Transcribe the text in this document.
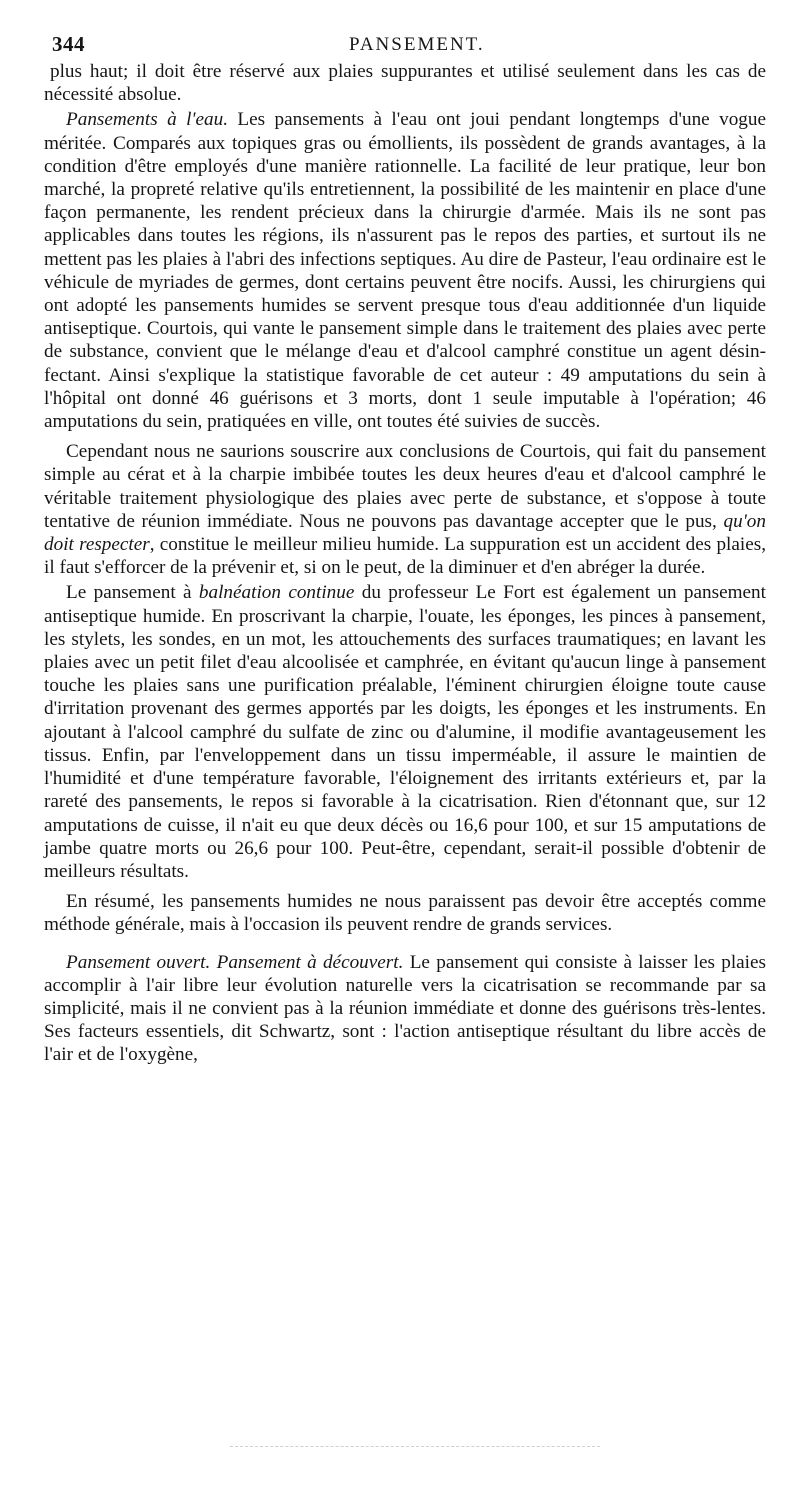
344	PANSEMENT.

plus haut; il doit être réservé aux plaies suppurantes et utilisé seulement dans les cas de nécessité absolue.

Pansements à l'eau. Les pansements à l'eau ont joui pendant longtemps d'une vogue méritée. Comparés aux topiques gras ou émollients, ils possèdent de grands avantages, à la condition d'être employés d'une manière rationnelle. La facilité de leur pratique, leur bon marché, la propreté relative qu'ils entretiennent, la possibilité de les maintenir en place d'une façon permanente, les rendent précieux dans la chirurgie d'armée. Mais ils ne sont pas applicables dans toutes les régions, ils n'assurent pas le repos des parties, et surtout ils ne mettent pas les plaies à l'abri des infections septiques. Au dire de Pasteur, l'eau ordinaire est le véhicule de myriades de germes, dont certains peuvent être nocifs. Aussi, les chirurgiens qui ont adopté les pansements humides se servent presque tous d'eau additionnée d'un liquide antiseptique. Courtois, qui vante le pansement simple dans le traitement des plaies avec perte de substance, convient que le mélange d'eau et d'alcool camphré constitue un agent désinfectant. Ainsi s'explique la statistique favorable de cet auteur : 49 amputations du sein à l'hôpital ont donné 46 guérisons et 3 morts, dont 1 seule imputable à l'opération; 46 amputations du sein, pratiquées en ville, ont toutes été suivies de succès.

Cependant nous ne saurions souscrire aux conclusions de Courtois, qui fait du pansement simple au cérat et à la charpie imbibée toutes les deux heures d'eau et d'alcool camphré le véritable traitement physiologique des plaies avec perte de substance, et s'oppose à toute tentative de réunion immédiate. Nous ne pouvons pas davantage accepter que le pus, qu'on doit respecter, constitue le meilleur milieu humide. La suppuration est un accident des plaies, il faut s'efforcer de la prévenir et, si on le peut, de la diminuer et d'en abréger la durée.

Le pansement à balnéation continue du professeur Le Fort est également un pansement antiseptique humide. En proscrivant la charpie, l'ouate, les éponges, les pinces à pansement, les stylets, les sondes, en un mot, les attouchements des surfaces traumatiques; en lavant les plaies avec un petit filet d'eau alcoolisée et camphrée, en évitant qu'aucun linge à pansement touche les plaies sans une purification préalable, l'éminent chirurgien éloigne toute cause d'irritation provenant des germes apportés par les doigts, les éponges et les instruments. En ajoutant à l'alcool camphré du sulfate de zinc ou d'alumine, il modifie avantageusement les tissus. Enfin, par l'enveloppement dans un tissu imperméable, il assure le maintien de l'humidité et d'une température favorable, l'éloignement des irritants extérieurs et, par la rareté des pansements, le repos si favorable à la cicatrisation. Rien d'étonnant que, sur 12 amputations de cuisse, il n'ait eu que deux décès ou 16,6 pour 100, et sur 15 amputations de jambe quatre morts ou 26,6 pour 100. Peut-être, cependant, serait-il possible d'obtenir de meilleurs résultats.

En résumé, les pansements humides ne nous paraissent pas devoir être acceptés comme méthode générale, mais à l'occasion ils peuvent rendre de grands services.

Pansement ouvert. Pansement à découvert. Le pansement qui consiste à laisser les plaies accomplir à l'air libre leur évolution naturelle vers la cicatrisation se recommande par sa simplicité, mais il ne convient pas à la réunion immédiate et donne des guérisons très-lentes. Ses facteurs essentiels, dit Schwartz, sont : l'action antiseptique résultant du libre accès de l'air et de l'oxygène,
